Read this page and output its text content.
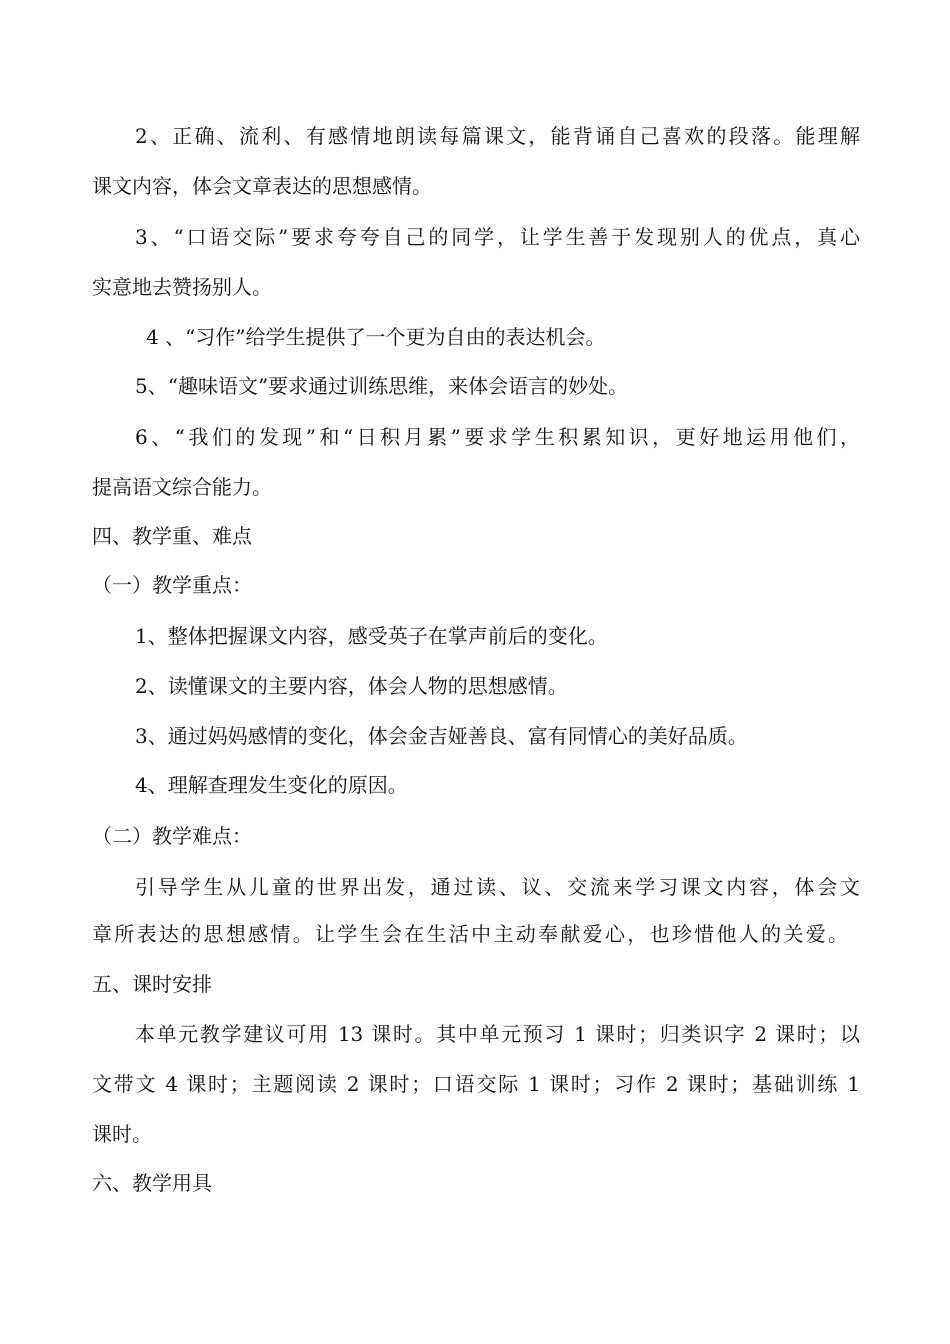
2、正确、流利、有感情地朗读每篇课文，能背诵自己喜欢的段落。能理解
课文内容，体会文章表达的思想感情。
3、“口语交际”要求夸夸自己的同学，让学生善于发现别人的优点，真心
实意地去赞扬别人。
4 、“习作”给学生提供了一个更为自由的表达机会。
5、“趣味语文”要求通过训练思维，来体会语言的妙处。
6、“我们的发现”和“日积月累”要求学生积累知识，更好地运用他们，
提高语文综合能力。
四、教学重、难点
（一）教学重点：
1、整体把握课文内容，感受英子在掌声前后的变化。
2、读懂课文的主要内容，体会人物的思想感情。
3、通过妈妈感情的变化，体会金吉娅善良、富有同情心的美好品质。
4、理解查理发生变化的原因。
（二）教学难点：
引导学生从儿童的世界出发，通过读、议、交流来学习课文内容，体会文
章所表达的思想感情。让学生会在生活中主动奉献爱心，也珍惜他人的关爱。
五、课时安排
本单元教学建议可用 13 课时。其中单元预习 1 课时；归类识字 2 课时；以
文带文 4 课时；主题阅读 2 课时；口语交际 1 课时；习作 2 课时；基础训练 1
课时。
六、教学用具
